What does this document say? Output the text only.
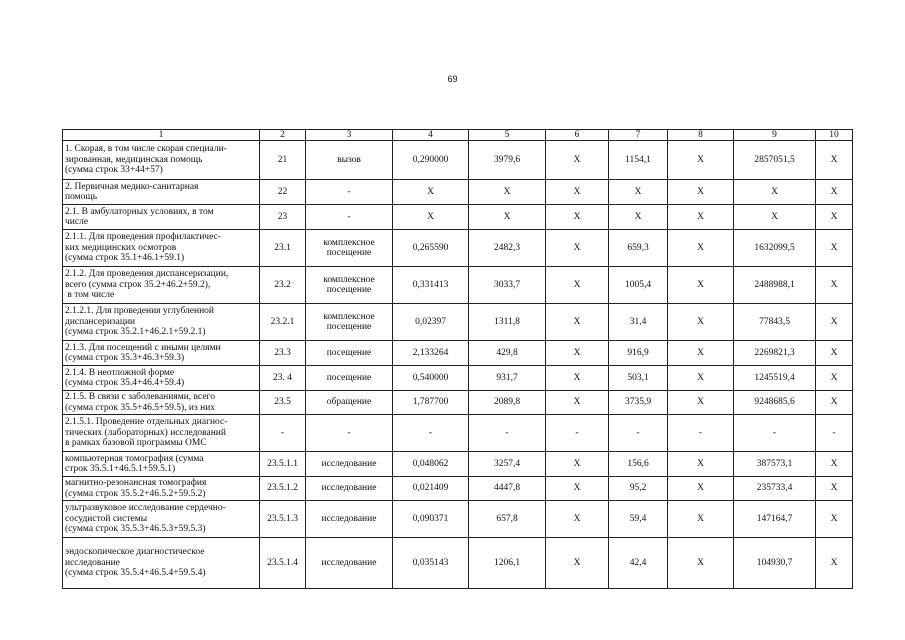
69
1	2	3	4	5	6	7	8	9	10
1. Скорая, в том числе скорая специали-
зированная, медицинская помощь
(сумма строк 33+44+57)	21	вызов	0,290000	3979,6	X	1154,1	X	2857051,5	X
2. Первичная медико-санитарная
помощь	22	-	X	X	X	X	X	X	X
2.1. В амбулаторных условиях, в том
числе	23	-	X	X	X	X	X	X	X
2.1.1. Для проведения профилактичес-
ких медицинских осмотров
(сумма строк 35.1+46.1+59.1)	23.1	комплексное
посещение	0,265590	2482,3	X	659,3	X	1632099,5	X
2.1.2. Для проведения диспансеризации,
всего (сумма строк 35.2+46.2+59.2),
в том числе	23.2	комплексное
посещение	0,331413	3033,7	X	1005,4	X	2488988,1	X
2.1.2.1. Для проведения углубленной
диспансеризации
(сумма строк 35.2.1+46.2.1+59.2.1)	23.2.1	комплексное
посещение	0,02397	1311,8	X	31,4	X	77843,5	X
2.1.3. Для посещений с иными целями
(сумма строк 35.3+46.3+59.3)	23.3	посещение	2,133264	429,8	X	916,9	X	2269821,3	X
2.1.4. В неотложной форме
(сумма строк 35.4+46.4+59.4)	23. 4	посещение	0,540000	931,7	X	503,1	X	1245519,4	X
2.1.5. В связи с заболеваниями, всего
(сумма строк 35.5+46.5+59.5), из них	23.5	обращение	1,787700	2089,8	X	3735,9	X	9248685,6	X
2.1.5.1. Проведение отдельных диагнос-
тических (лабораторных) исследований
в рамках базовой программы ОМС	-	-	-	-	-	-	-	-	-
компьютерная томография (сумма
строк 35.5.1+46.5.1+59.5.1)	23.5.1.1	исследование	0,048062	3257,4	X	156,6	X	387573,1	X
магнитно-резонансная томография
(сумма строк 35.5.2+46.5.2+59.5.2)	23.5.1.2	исследование	0,021409	4447,8	X	95,2	X	235733,4	X
ультразвуковое исследование сердечно-
сосудистой системы
(сумма строк 35.5.3+46.5.3+59.5.3)	23.5.1.3	исследование	0,090371	657,8	X	59,4	X	147164,7	X
эндоскопическое диагностическое
исследование
(сумма строк 35.5.4+46.5.4+59.5.4)	23.5.1.4	исследование	0,035143	1206,1	X	42,4	X	104930,7	X
